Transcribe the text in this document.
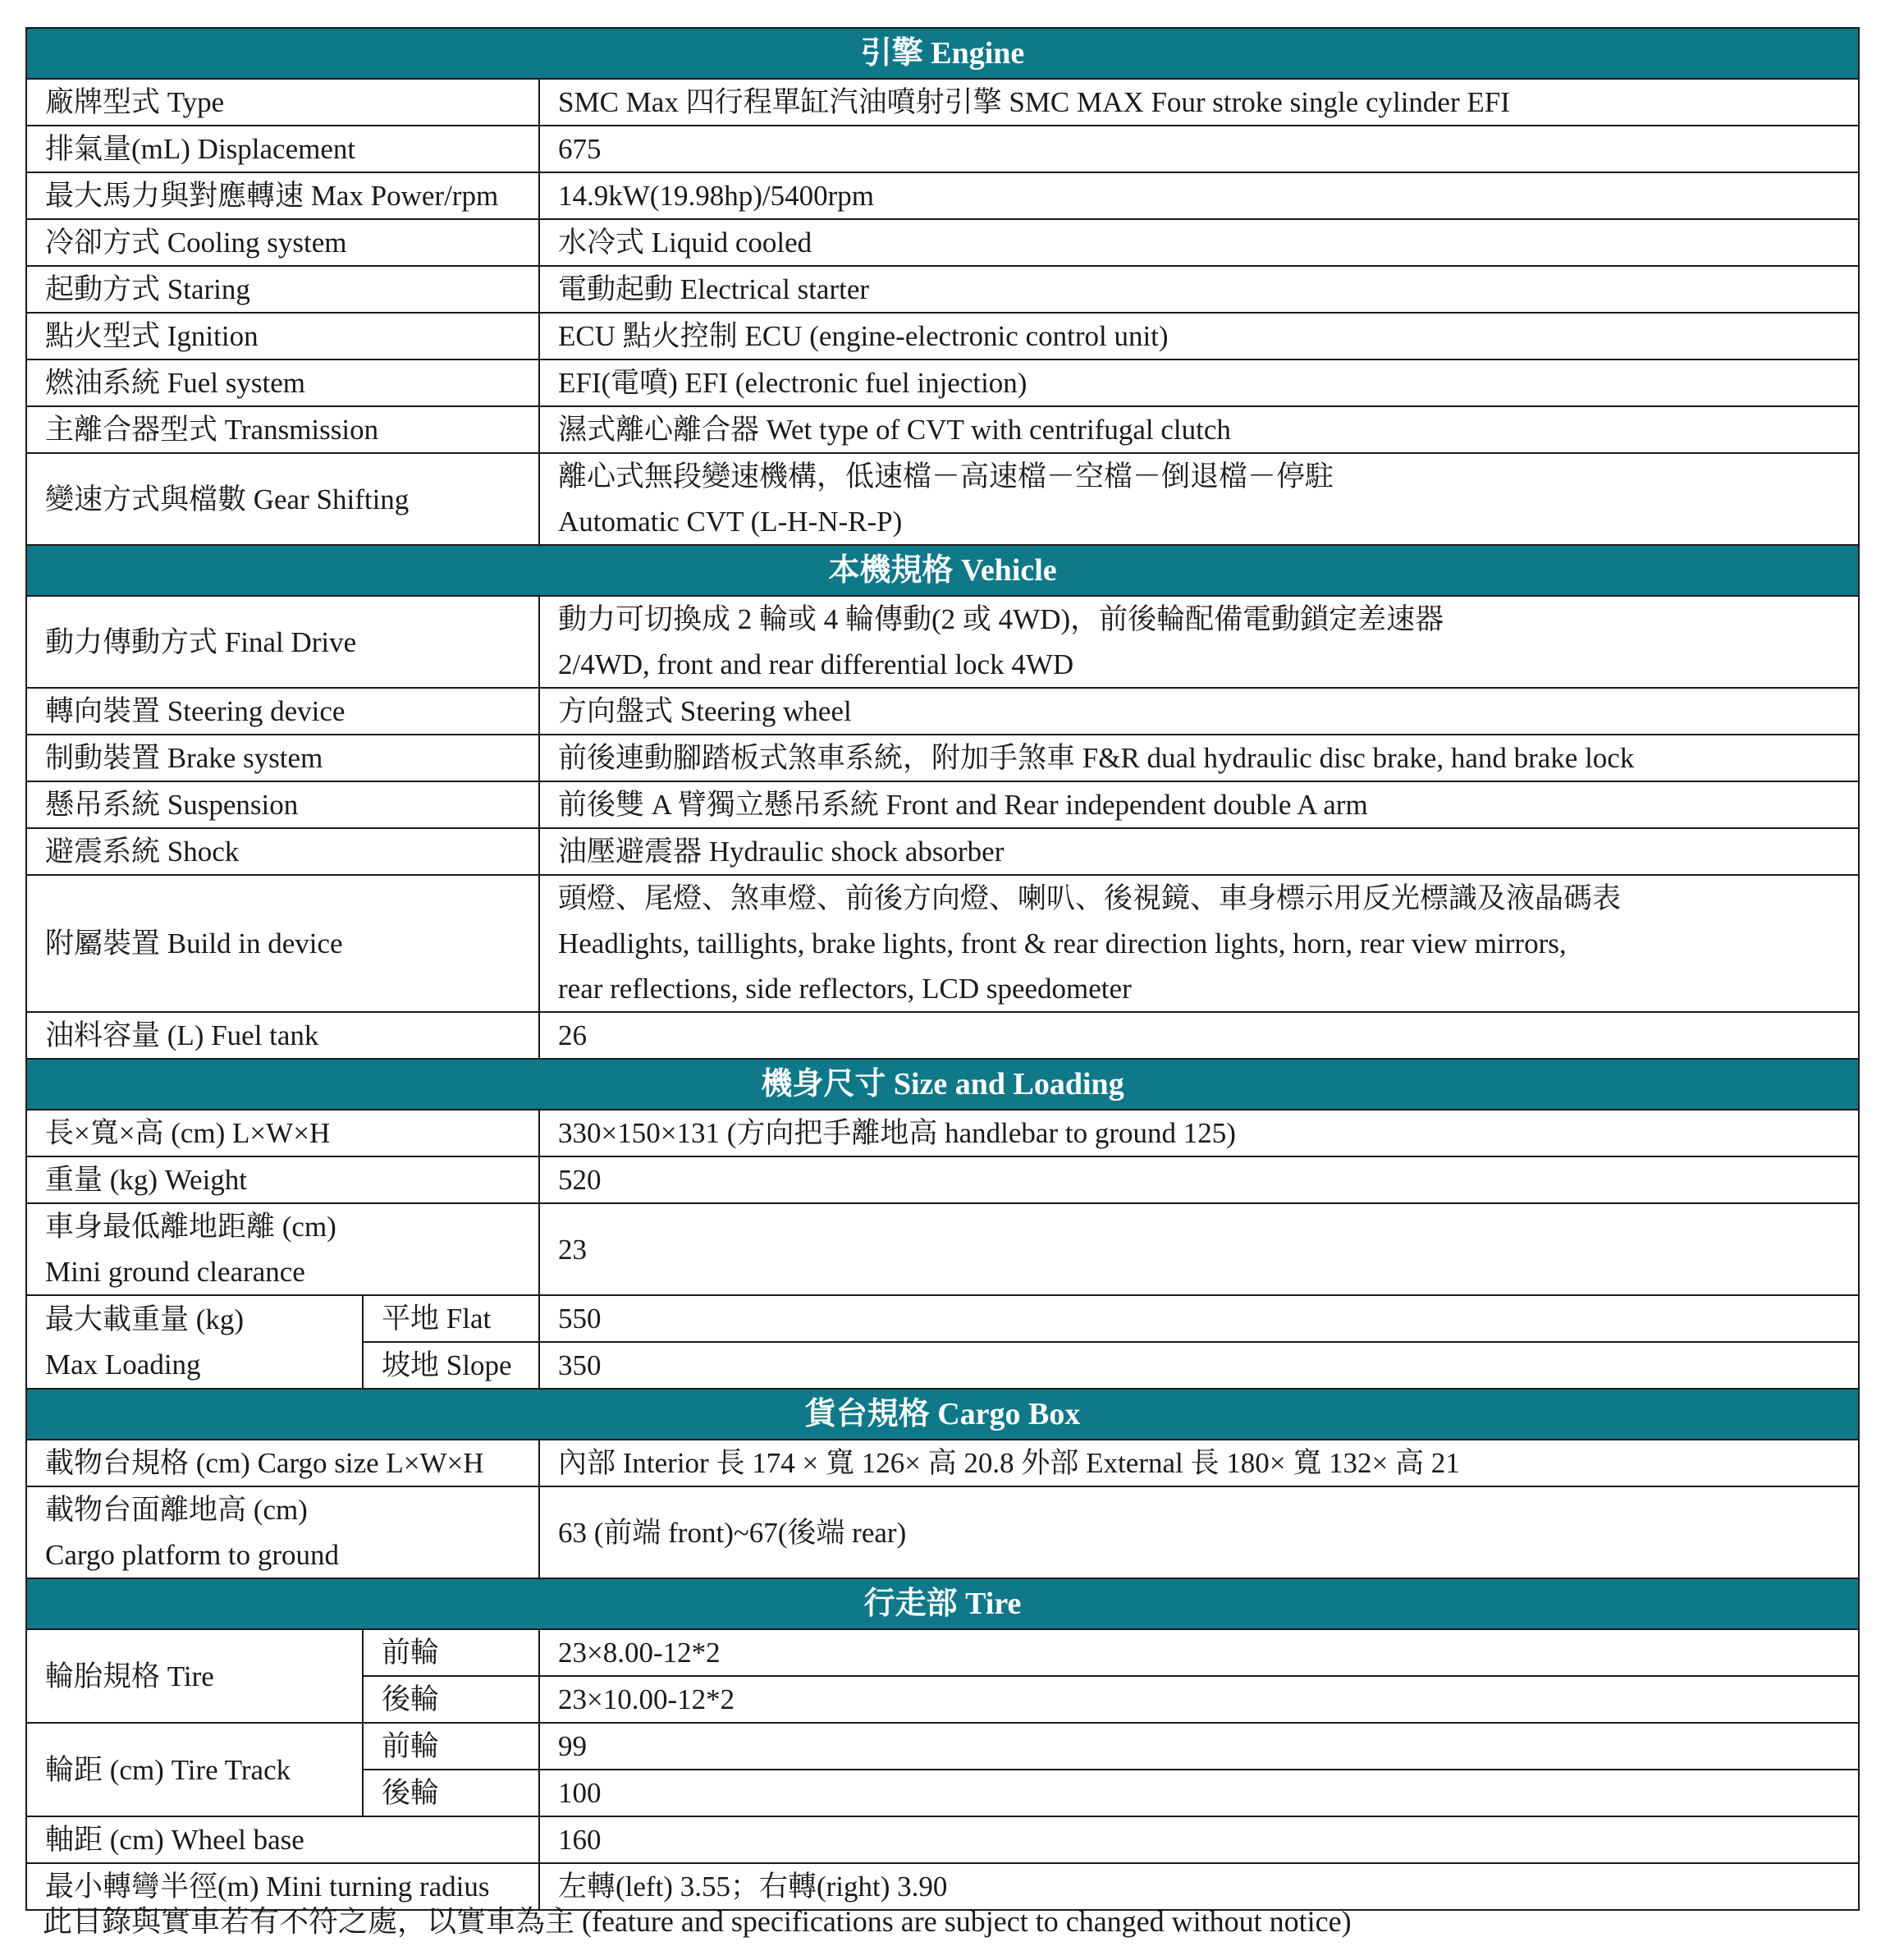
引擎 Engine		
廠牌型式 Type		SMC Max 四行程單缸汽油噴射引擎 SMC MAX Four stroke single cylinder EFI
排氣量(mL) Displacement		675
最大馬力與對應轉速 Max Power/rpm		14.9kW(19.98hp)/5400rpm
冷卻方式 Cooling system		水冷式 Liquid cooled
起動方式 Staring		電動起動 Electrical starter
點火型式 Ignition		ECU 點火控制 ECU (engine-electronic control unit)
燃油系統 Fuel system		EFI(電噴) EFI (electronic fuel injection)
主離合器型式 Transmission		濕式離心離合器 Wet type of CVT with centrifugal clutch
變速方式與檔數 Gear Shifting		離心式無段變速機構，低速檔－高速檔－空檔－倒退檔－停駐
Automatic CVT (L-H-N-R-P)

本機規格 Vehicle		
動力傳動方式 Final Drive		動力可切換成 2 輪或 4 輪傳動(2 或 4WD)，前後輪配備電動鎖定差速器
2/4WD, front and rear differential lock 4WD

轉向裝置 Steering device		方向盤式 Steering wheel
制動裝置 Brake system		前後連動腳踏板式煞車系統，附加手煞車 F&R dual hydraulic disc brake, hand brake lock
懸吊系統 Suspension		前後雙 A 臂獨立懸吊系統 Front and Rear independent double A arm
避震系統 Shock		油壓避震器 Hydraulic shock absorber
附屬裝置 Build in device		頭燈、尾燈、煞車燈、前後方向燈、喇叭、後視鏡、車身標示用反光標識及液晶碼表
Headlights, taillights, brake lights, front & rear direction lights, horn, rear view mirrors,
rear reflections, side reflectors, LCD speedometer

油料容量 (L) Fuel tank		26
機身尺寸 Size and Loading		
長×寬×高 (cm) L×W×H		330×150×131 (方向把手離地高 handlebar to ground 125)
重量 (kg) Weight		520

車身最低離地距離 (cm)
Mini ground clearance		23

最大載重量 (kg)
Max Loading	平地 Flat	550
	坡地 Slope	350
貨台規格 Cargo Box		
載物台規格 (cm) Cargo size L×W×H		內部 Interior 長 174 × 寬 126× 高 20.8 外部 External 長 180× 寬 132× 高 21

載物台面離地高 (cm)
Cargo platform to ground		63 (前端 front)~67(後端 rear)
行走部 Tire		
輪胎規格 Tire	前輪	23×8.00-12*2
	後輪	23×10.00-12*2
輪距 (cm) Tire Track	前輪	99
	後輪	100
軸距 (cm) Wheel base		160
最小轉彎半徑(m) Mini turning radius		左轉(left) 3.55；右轉(right) 3.90
此目錄與實車若有不符之處，以實車為主 (feature and specifications are subject to changed without notice)
